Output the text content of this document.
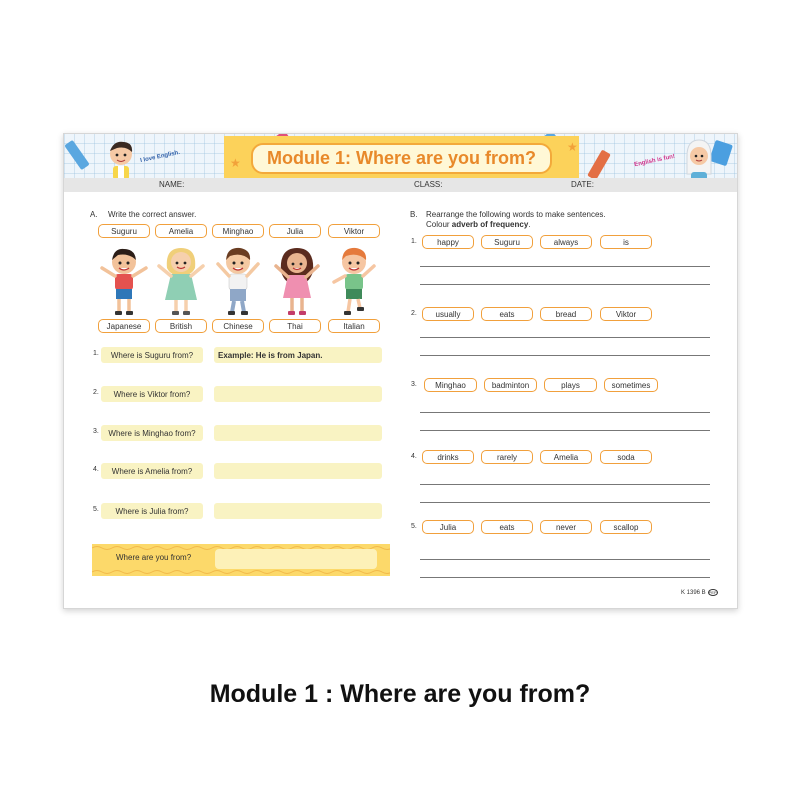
I love English.	Module 1: Where are you from?
★
★
English is fun!
NAME:	CLASS:	DATE:
A. Write the correct answer.
Suguru	Amelia	Minghao	Julia	Viktor
Japanese	British	Chinese	Thai	Italian
1.	Where is Suguru from?	Example: He is from Japan.
2.	Where is Viktor from?
3.	Where is Minghao from?
4.	Where is Amelia from?
5.	Where is Julia from?
Where are you from?
B. Rearrange the following words to make sentences.
Colour adverb of frequency.
1.	happy	Suguru	always	is
2.	usually	eats	bread	Viktor
3.	Minghao	badminton	plays	sometimes
4.	drinks	rarely	Amelia	soda
5.	Julia	eats	never	scallop
K 1396 B PEP
Module 1 : Where are you from?
